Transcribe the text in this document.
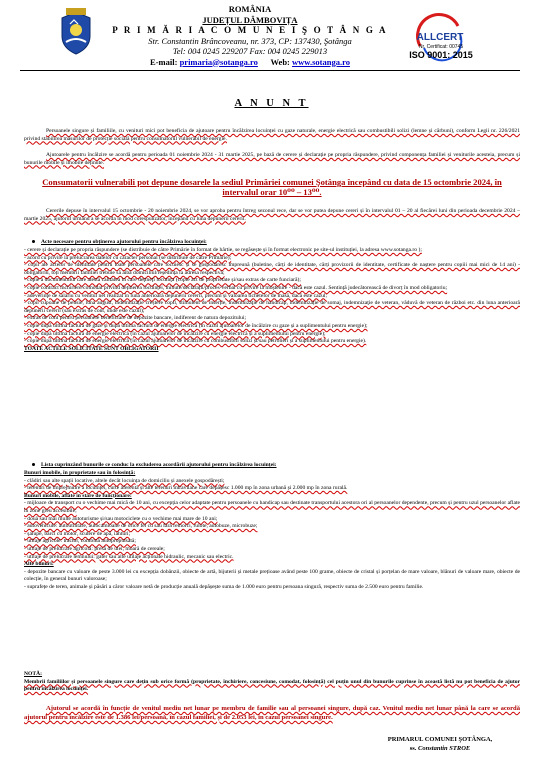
ROMÂNIA
JUDEȚUL DÂMBOVIȚA
P R I M Ă R I A C O M U N E I Ş O T Â N G A
Str. Constantin Brâncoveanu, nr. 373, CP: 137430, Şotânga
Tel: 004 0245 229207 Fax: 004 0245 229013
E-mail: primaria@sotanga.ro Web: www.sotanga.ro
ALLCERT
Nr. Certificat: 00745
ISO 9001: 2015
A N U N T
Persoanele singure și familiile, cu venituri mici pot beneficia de ajutoare pentru încălzirea locuinței cu gaze naturale, energie electrică sau combustibili solizi (lemne și cărbuni), conform Legii nr. 226/2021 privind stabilirea măsurilor de protecție socială pentru consumatorul vulnerabil de energie.
Ajutoarele pentru încălzire se acordă pentru perioada 01 noiembrie 2024 - 31 martie 2025, pe bază de cerere și declarație pe propria răspundere, privind componența familiei și veniturile acesteia, precum și bunurile mobile și imobile deținute.
Consumatorii vulnerabili pot depune dosarele la sediul Primăriei comunei Şotânga începând cu data de 15 octombrie 2024, în intervalul orar 10⁰⁰ – 13⁰⁰.
Cererile depuse în intervalul 15 octombrie - 20 noiembrie 2024, se vor aproba pentru întreg sezonul rece, dar se vor putea depune cereri și în intervalul 01 – 20 al fiecărei luni din perioada decembrie 2024 – martie 2025, ajutorul urmând a se acorda în mod corespunzător, începând cu luna depunerii cererii.
Acte necesare pentru obținerea ajutorului pentru încălzirea locuinței:
- cerere și declarație pe propria răspundere (se distribuie de către Primărie în format de hârtie, se regăsește și în format electronic pe site-ul instituției, la adresa www.sotanga.ro );
- acord cu privire la prelucrarea datelor cu caracter personal (se distribuie de către Primărie);
- copii ale actelor de identitate pentru toate persoanele care locuiesc și se gospodăresc împreună (buletine, cărți de identitate, cărți provizorii de identitate, certificate de naștere pentru copiii mai mici de 14 ani) - obligatoriu, toți membrii familiei trebuie să aibă domiciliul/reședința la adresa respectivă;
- copie a documentului care atestă calitatea în care deţineţi locuinţa (copie act de proprietate și/sau extras de carte funciară);
- copie contract închiriere/comodat privind deținerea locuinței, minute/declarații/proces-verbal cu privire la moștenire - dacă este cazul. Sentință judecătorească de divorț în mod obligatoriu;
- adeverinţe de salariu cu venitul net realizat în luna anterioară depunerii cererii, precum și valoarea tichetelor de masă, dacă este cazul;
- copii cupoane de pensie, luna august, indemnizație creștere copil, stimulent de inserție, indemnizaţie de handicap, indemnizație de somaj, indemnizaţie de veteran, văduvă de veteran de război etc. din luna anterioară depunerii cererii (sau extras de cont, unde este cazul);
- extras de cont pentru persoanele beneficiare de depozite bancare, indiferent de natura depozitului;
- copie după ultima factură de gaze și după ultima factură de energie electrică (în cazul ajutoarelor de încălzire cu gaze și a suplimentului pentru energie);
- copie după ultima factură de energie electrică (în cazul ajutoarelor de încălzire cu energie electrică și a suplimentului pentru energie);
- copie după ultima factură de energie electrică (în cazul ajutoarelor de încălzire cu combustibili solizi și/sau petrolieri și a suplimentului pentru energie).
TOATE ACTELE SOLICITATE SUNT OBLIGATORII
Lista cuprinzând bunurile ce conduc la excluderea acordării ajutorului pentru încălzirea locuinței:
Bunuri imobile, în proprietate sau în folosință:
- clădiri sau alte spații locative, altele decât locuința de domiciliu și anexele gospodărești;
- terenuri de împrejmuire a locuinței, curte aferentă și alte terenuri intravilane care depășesc 1.000 mp în zona urbană și 2.000 mp în zona rurală.
Bunuri mobile, aflate în stare de funcționare:
- mijloace de transport cu o vechime mai mică de 10 ani, cu excepția celor adaptate pentru persoanele cu handicap sau destinate transportului acestora ori al persoanelor dependente, precum și pentru uzul persoanelor aflate în zone greu accesibile;
- două sau mai multe autoturisme și/sau motociclete cu o vechime mai mare de 10 ani;
- autovehicule: autoutilitare, autocamioane de orice fel cu sau fără remorci, rulote, autobuze, microbuze;
- șalupe, bărci cu motor, scutere de apă, iahturi;
- utilaje agricole: tractor, combină autopropulsată;
- utilaje de prelucrare agricolă: presă de ulei, moară de cereale;
- utilaje de prelucrare lemnului: gater sau alte utilaje acționate hidraulic, mecanic sau electric.
Alte bunuri:
- depozite bancare cu valoare de peste 3.000 lei cu excepția dobânzii, obiecte de artă, bijuterii și metale prețioase având peste 100 grame, obiecte de cristal și porțelan de mare valoare, blănuri de valoare mare, obiecte de colecție, în general bunuri valoroase;
- suprafețe de teren, animale și păsări a căror valoare netă de producție anuală depășește suma de 1.000 euro pentru persoana singură, respectiv suma de 2.500 euro pentru familie.
NOTĂ:
Membrii familiilor și persoanele singure care dețin sub orice formă (proprietate, închiriere, concesiune, comodat, folosință) cel puțin unul din bunurile cuprinse în această listă nu pot beneficia de ajutor pentru încălzirea locuinței.
Ajutorul se acordă în funcție de venitul mediu net lunar pe membru de familie sau al persoanei singure, după caz. Venitul mediu net lunar până la care se acordă ajutorul pentru încălzire este de 1.386 lei/persoană, în cazul familiei, și de 2.053 lei, în cazul persoanei singure.
PRIMARUL COMUNEI ŞOTÂNGA,
ss. Constantin STROE
